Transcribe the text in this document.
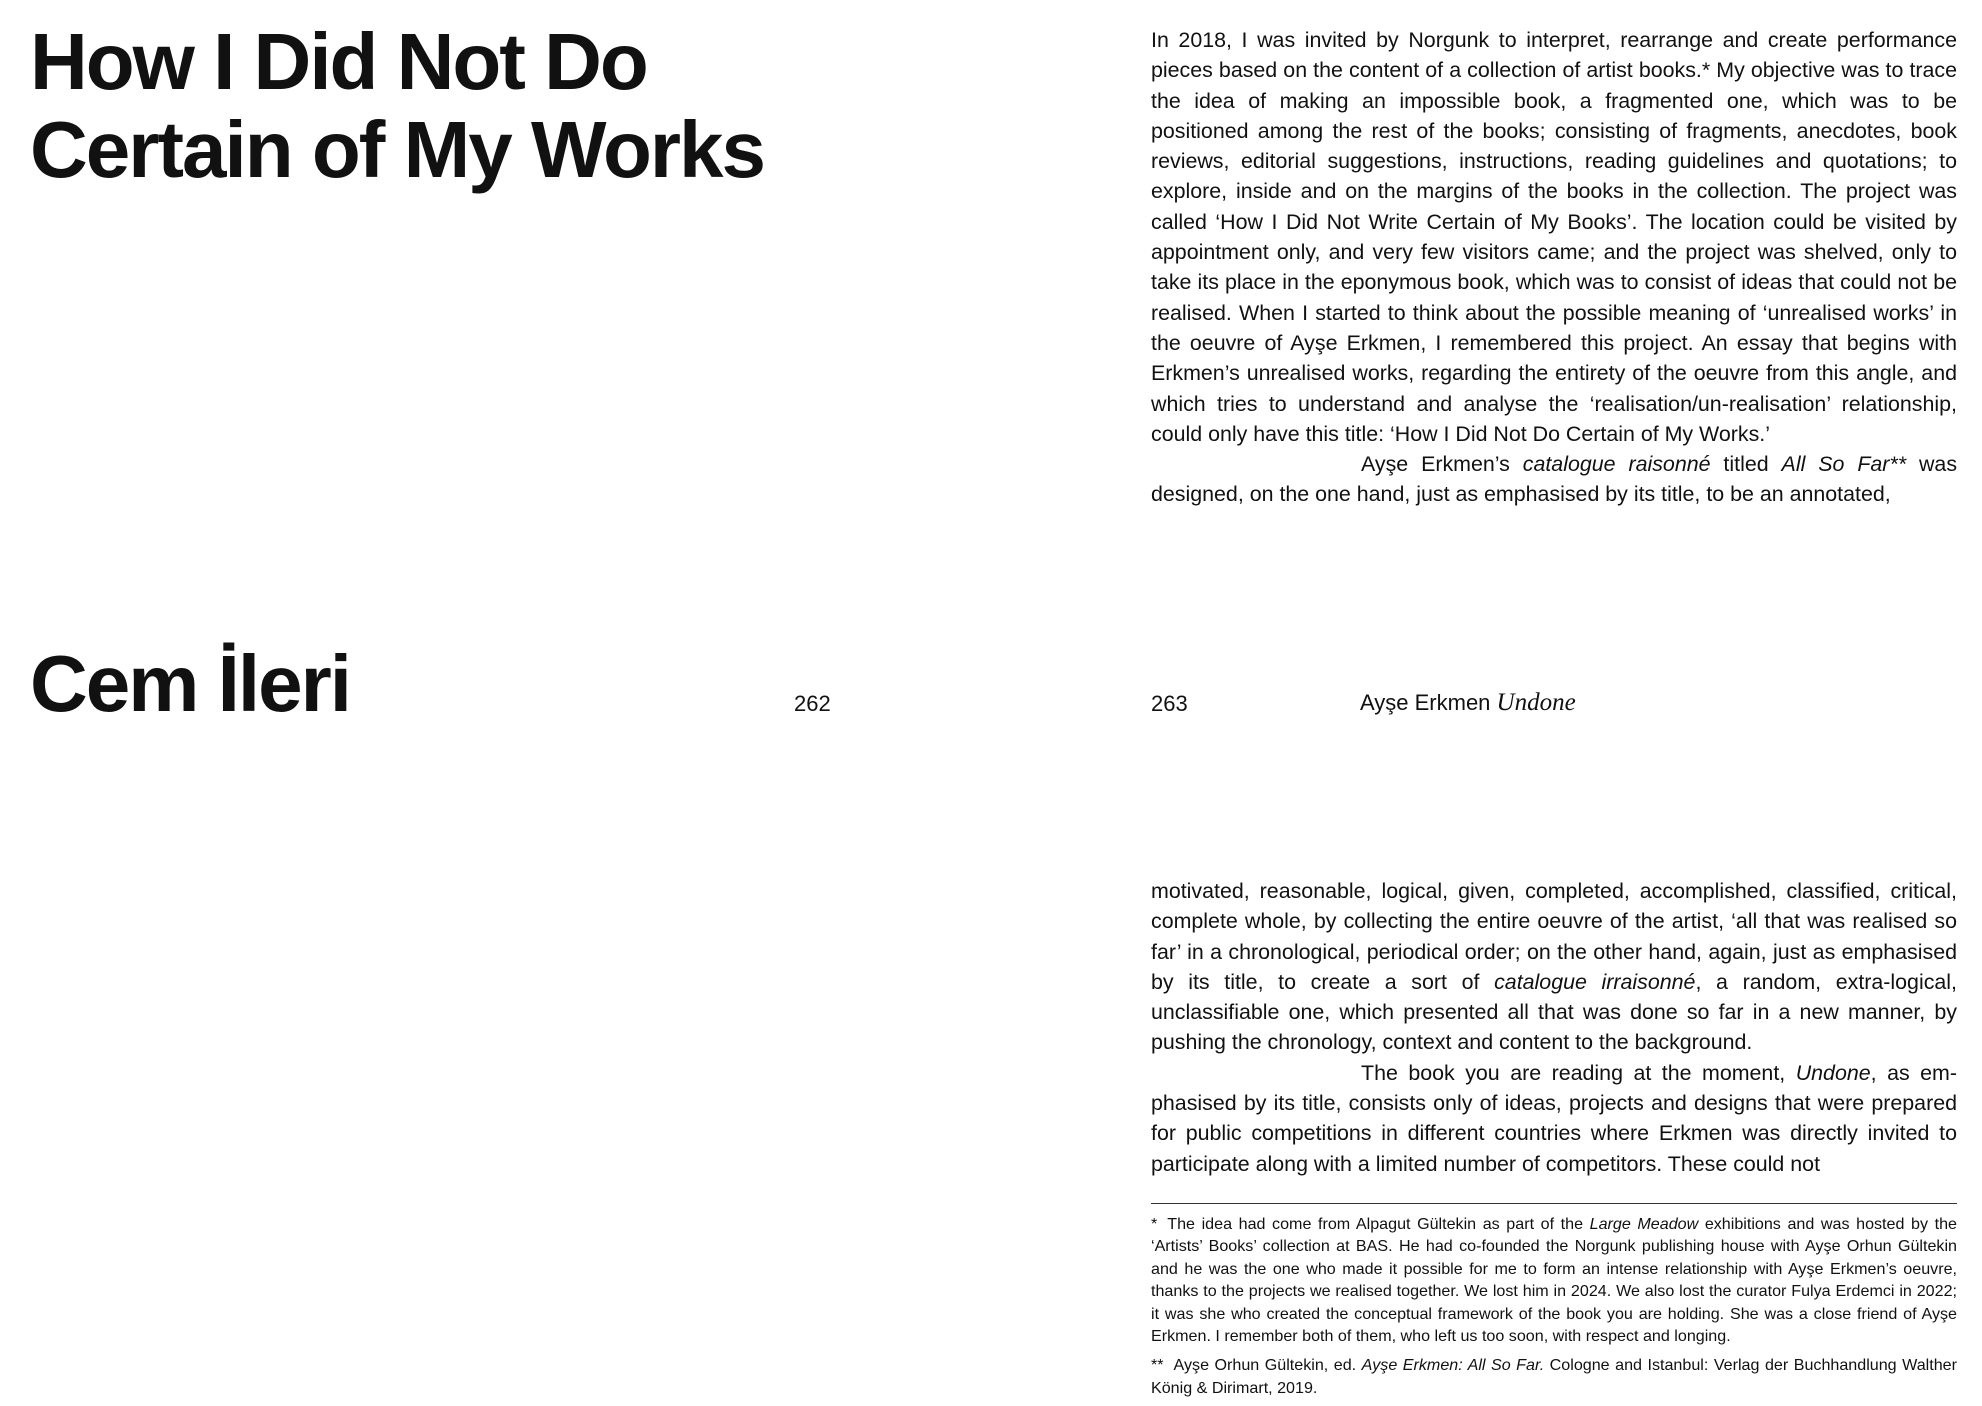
How I Did Not Do
Certain of My Works
Cem İleri	262	263	Ayşe Erkmen Undone

In 2018, I was invited by Norgunk to interpret, rearrange and create performance pieces based on the content of a collection of artist books.* My objective was to trace the idea of making an impossible book, a fragmented one, which was to be positioned among the rest of the books; consisting of fragments, anecdotes, book reviews, editorial suggestions, instructions, reading guidelines and quotations; to explore, inside and on the margins of the books in the collection. The project was called ‘How I Did Not Write Certain of My Books’. The location could be visited by appointment only, and very few visitors came; and the project was shelved, only to take its place in the eponymous book, which was to consist of ideas that could not be realised. When I started to think about the possible meaning of ‘unrealised works’ in the oeuvre of Ayşe Erkmen, I remembered this project. An essay that begins with Erkmen’s unrealised works, regarding the entirety of the oeuvre from this angle, and which tries to understand and analyse the ‘realisation/un-realisation’ relationship, could only have this title: ‘How I Did Not Do Certain of My Works.’

Ayşe Erkmen’s catalogue raisonné titled All So Far** was designed, on the one hand, just as emphasised by its title, to be an annotated,

motivated, reasonable, logical, given, completed, accomplished, classified, critical, complete whole, by collecting the entire oeuvre of the artist, ‘all that was realised so far’ in a chronological, periodical order; on the other hand, again, just as emphasised by its title, to create a sort of catalogue irraisonné, a random, extra-logical, unclassifiable one, which presented all that was done so far in a new manner, by pushing the chronology, context and content to the background.

The book you are reading at the moment, Undone, as emphasised by its title, consists only of ideas, projects and designs that were prepared for public competitions in different countries where Erkmen was directly invited to participate along with a limited number of competitors. These could not

* The idea had come from Alpagut Gültekin as part of the Large Meadow exhibitions and was hosted by the ‘Artists’ Books’ collection at BAS. He had co-founded the Norgunk publishing house with Ayşe Orhun Gültekin and he was the one who made it possible for me to form an intense relationship with Ayşe Erkmen’s oeuvre, thanks to the projects we realised together. We lost him in 2024. We also lost the curator Fulya Erdemci in 2022; it was she who created the conceptual framework of the book you are holding. She was a close friend of Ayşe Erkmen. I remember both of them, who left us too soon, with respect and longing.

** Ayşe Orhun Gültekin, ed. Ayşe Erkmen: All So Far. Cologne and Istanbul: Verlag der Buchhandlung Walther König & Dirimart, 2019.
